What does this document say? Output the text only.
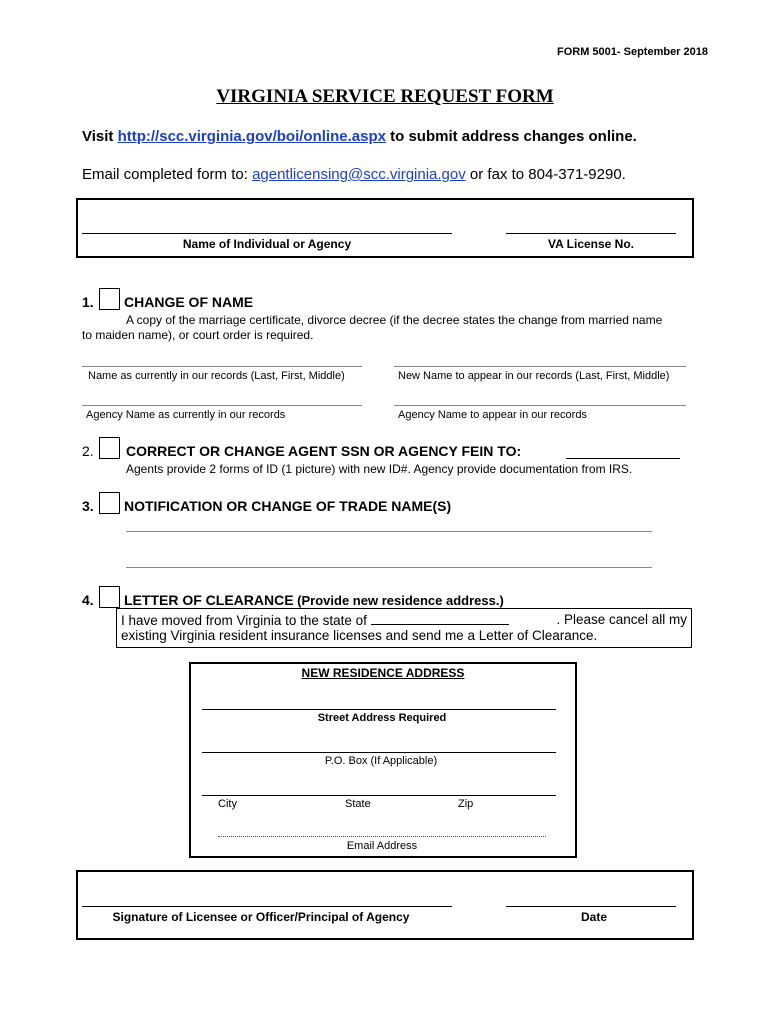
FORM 5001- September 2018
VIRGINIA SERVICE REQUEST FORM
Visit http://scc.virginia.gov/boi/online.aspx to submit address changes online.
Email completed form to: agentlicensing@scc.virginia.gov or fax to 804-371-9290.
Name of Individual or Agency	VA License No.
1. CHANGE OF NAME
A copy of the marriage certificate, divorce decree (if the decree states the change from married name
to maiden name), or court order is required.
Name as currently in our records (Last, First, Middle)	New Name to appear in our records (Last, First, Middle)
Agency Name as currently in our records	Agency Name to appear in our records
2. CORRECT OR CHANGE AGENT SSN OR AGENCY FEIN TO:
Agents provide 2 forms of ID (1 picture) with new ID#. Agency provide documentation from IRS.
3. NOTIFICATION OR CHANGE OF TRADE NAME(S)
4. LETTER OF CLEARANCE (Provide new residence address.)
I have moved from Virginia to the state of	. Please cancel all my
existing Virginia resident insurance licenses and send me a Letter of Clearance.
NEW RESIDENCE ADDRESS
Street Address Required
P.O. Box (If Applicable)
City	State	Zip
Email Address
Signature of Licensee or Officer/Principal of Agency	Date
